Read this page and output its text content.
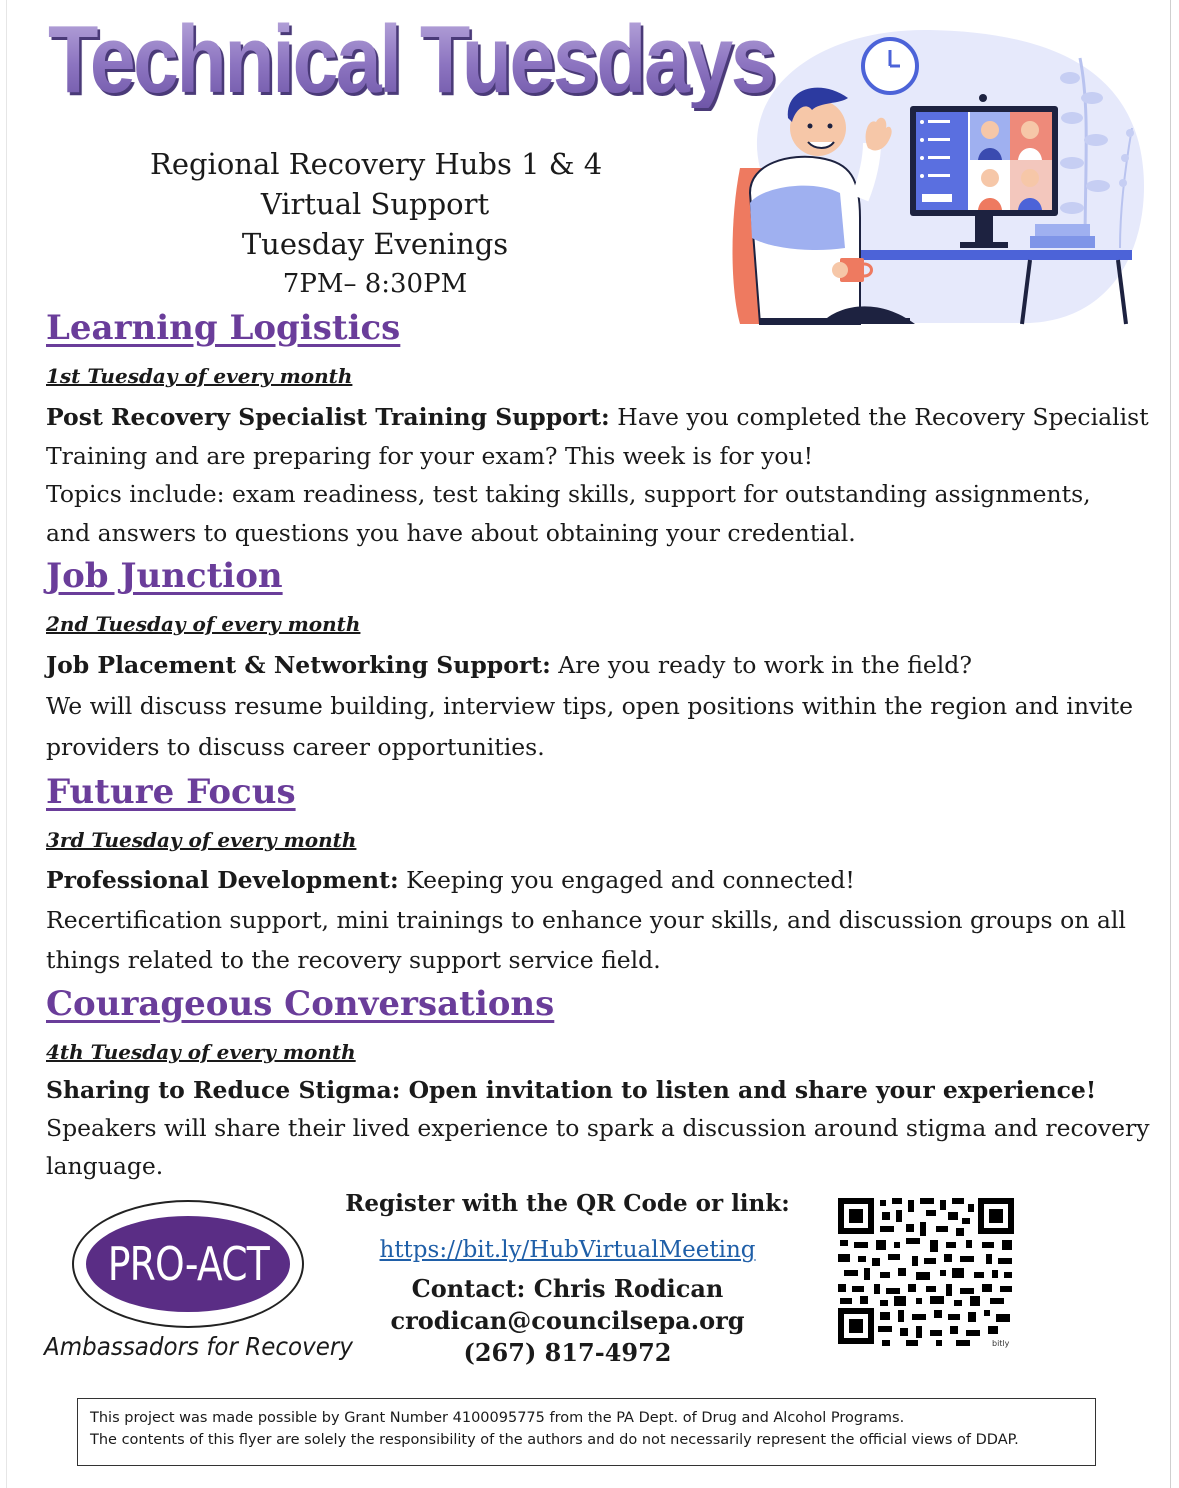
Technical Tuesdays
Regional Recovery Hubs 1 & 4
Virtual Support
Tuesday Evenings
7PM– 8:30PM
Learning Logistics
1st Tuesday of every month
Post Recovery Specialist Training Support: Have you completed the Recovery Specialist
Training and are preparing for your exam? This week is for you!
Topics include: exam readiness, test taking skills, support for outstanding assignments,
and answers to questions you have about obtaining your credential.
Job Junction
2nd Tuesday of every month
Job Placement & Networking Support: Are you ready to work in the field?
We will discuss resume building, interview tips, open positions within the region and invite
providers to discuss career opportunities.
Future Focus
3rd Tuesday of every month
Professional Development: Keeping you engaged and connected!
Recertification support, mini trainings to enhance your skills, and discussion groups on all
things related to the recovery support service field.
Courageous Conversations
4th Tuesday of every month
Sharing to Reduce Stigma: Open invitation to listen and share your experience!
Speakers will share their lived experience to spark a discussion around stigma and recovery
language.
PRO-ACT
Ambassadors for Recovery
Register with the QR Code or link:
https://bit.ly/HubVirtualMeeting
Contact: Chris Rodican
crodican@councilsepa.org
(267) 817-4972	bitly
This project was made possible by Grant Number 4100095775 from the PA Dept. of Drug and Alcohol Programs.
The contents of this flyer are solely the responsibility of the authors and do not necessarily represent the official views of DDAP.
